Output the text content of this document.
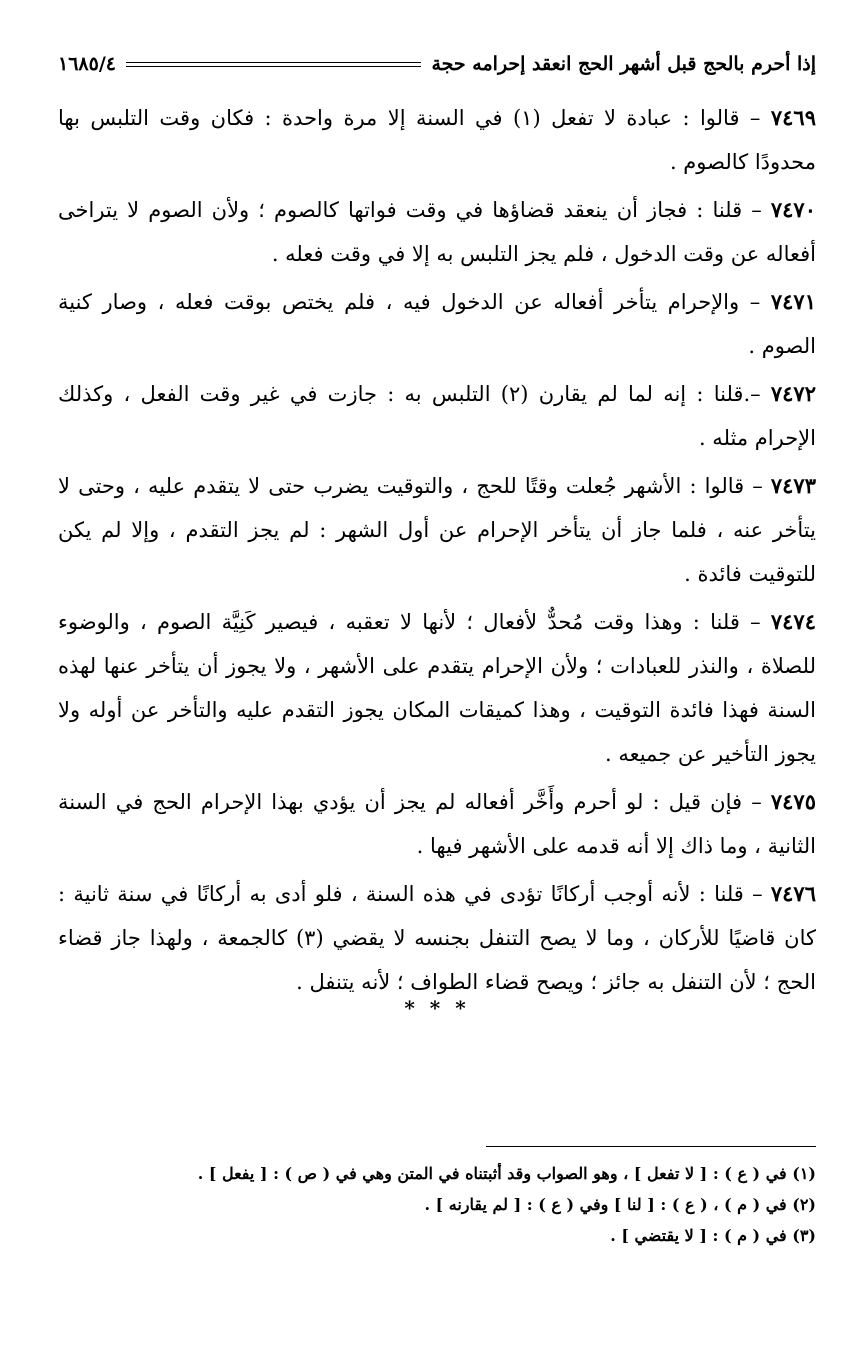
إذا أحرم بالحج قبل أشهر الحج انعقد إحرامه حجة
١٦٨٥/٤

٧٤٦٩ – قالوا : عبادة لا تفعل (١) في السنة إلا مرة واحدة : فكان وقت التلبس بها محدودًا كالصوم .

٧٤٧٠ – قلنا : فجاز أن ينعقد قضاؤها في وقت فواتها كالصوم ؛ ولأن الصوم لا يتراخى أفعاله عن وقت الدخول ، فلم يجز التلبس به إلا في وقت فعله .

٧٤٧١ – والإحرام يتأخر أفعاله عن الدخول فيه ، فلم يختص بوقت فعله ، وصار كنية الصوم .

٧٤٧٢ –.قلنا : إنه لما لم يقارن (٢) التلبس به : جازت في غير وقت الفعل ، وكذلك الإحرام مثله .

٧٤٧٣ – قالوا : الأشهر جُعلت وقتًا للحج ، والتوقيت يضرب حتى لا يتقدم عليه ، وحتى لا يتأخر عنه ، فلما جاز أن يتأخر الإحرام عن أول الشهر : لم يجز التقدم ، وإلا لم يكن للتوقيت فائدة .

٧٤٧٤ – قلنا : وهذا وقت مُحدٌّ لأفعال ؛ لأنها لا تعقبه ، فيصير كَنِيَّة الصوم ، والوضوء للصلاة ، والنذر للعبادات ؛ ولأن الإحرام يتقدم على الأشهر ، ولا يجوز أن يتأخر عنها لهذه السنة فهذا فائدة التوقيت ، وهذا كميقات المكان يجوز التقدم عليه والتأخر عن أوله ولا يجوز التأخير عن جميعه .

٧٤٧٥ – فإن قيل : لو أحرم وأَخَّر أفعاله لم يجز أن يؤدي بهذا الإحرام الحج في السنة الثانية ، وما ذاك إلا أنه قدمه على الأشهر فيها .

٧٤٧٦ – قلنا : لأنه أوجب أركانًا تؤدى في هذه السنة ، فلو أدى به أركانًا في سنة ثانية : كان قاضيًا للأركان ، وما لا يصح التنفل بجنسه لا يقضي (٣) كالجمعة ، ولهذا جاز قضاء الحج ؛ لأن التنفل به جائز ؛ ويصح قضاء الطواف ؛ لأنه يتنفل .

* * *

(١) في ( ع ) : [ لا تفعل ] ، وهو الصواب وقد أثبتناه في المتن وهي في ( ص ) : [ يفعل ] .

(٢) في ( م ) ، ( ع ) : [ لنا ] وفي ( ع ) : [ لم يقارنه ] .

(٣) في ( م ) : [ لا يقتضي ] .
